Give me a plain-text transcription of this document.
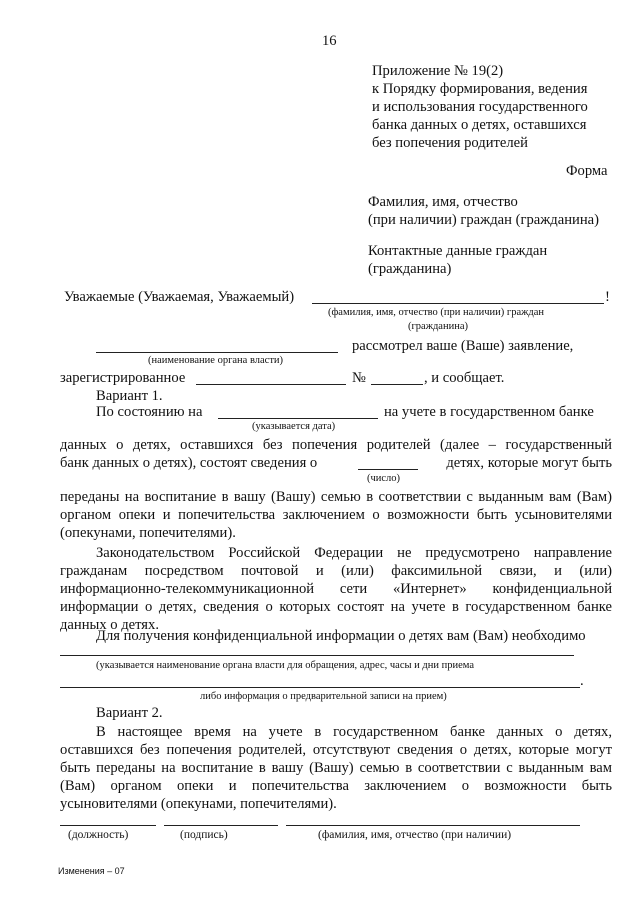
16
Приложение № 19(2)
к Порядку формирования, ведения
и использования государственного
банка данных о детях, оставшихся
без попечения родителей
Форма
Фамилия, имя, отчество
(при наличии) граждан (гражданина)
Контактные данные граждан
(гражданина)
Уважаемые (Уважаемая, Уважаемый)	!
(фамилия, имя, отчество (при наличии) граждан
(гражданина)
рассмотрел ваше (Ваше) заявление,
(наименование органа власти)
зарегистрированное	№	, и сообщает.
Вариант 1.
По состоянию на	на учете в государственном банке
(указывается дата)
данных о детях, оставшихся без попечения родителей (далее – государственный
банк данных о детях), состоят сведения о	детях, которые могут быть
(число)
переданы на воспитание в вашу (Вашу) семью в соответствии с выданным вам (Вам)
органом опеки и попечительства заключением о возможности быть усыновителями
(опекунами, попечителями).
Законодательством Российской Федерации не предусмотрено направление
гражданам посредством почтовой и (или) факсимильной связи, и (или)
информационно-телекоммуникационной сети «Интернет» конфиденциальной
информации о детях, сведения о которых состоят на учете в государственном банке
данных о детях.
Для получения конфиденциальной информации о детях вам (Вам) необходимо
(указывается наименование органа власти для обращения, адрес, часы и дни приема
.
либо информация о предварительной записи на прием)
Вариант 2.
В настоящее время на учете в государственном банке данных о детях,
оставшихся без попечения родителей, отсутствуют сведения о детях, которые могут
быть переданы на воспитание в вашу (Вашу) семью в соответствии с выданным вам
(Вам) органом опеки и попечительства заключением о возможности быть
усыновителями (опекунами, попечителями).
(должность)	(подпись)	(фамилия, имя, отчество (при наличии)
Изменения – 07
